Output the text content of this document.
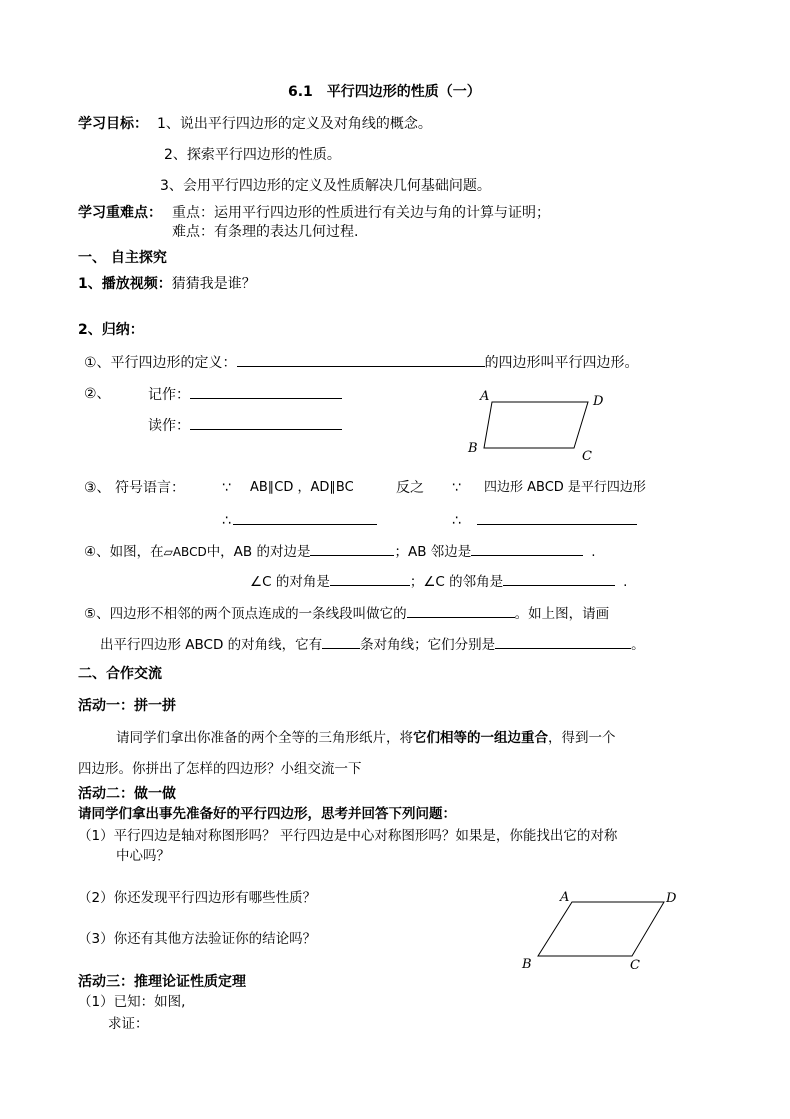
6.1　平行四边形的性质（一）
学习目标： 1、说出平行四边形的定义及对角线的概念。
2、探索平行四边形的性质。
3、会用平行四边形的定义及性质解决几何基础问题。
学习重难点： 重点：运用平行四边形的性质进行有关边与角的计算与证明；
难点：有条理的表达几何过程.
一、 自主探究
1、播放视频：猜猜我是谁？
2、归纳：
①、平行四边形的定义：	的四边形叫平行四边形。
②、	记作：
读作：
A	D
B
C
③、 符号语言：	∵ AB∥CD ，AD∥BC	反之 ∵ 四边形 ABCD 是平行四边形
∴	∴
④、如图，在▱ABCD中，AB 的对边是	；AB 邻边是	.
∠C 的对角是	；∠C 的邻角是	.
⑤、四边形不相邻的两个顶点连成的一条线段叫做它的	。如上图，请画
出平行四边形 ABCD 的对角线，它有	条对角线；它们分别是	。
二、合作交流
活动一：拼一拼
请同学们拿出你准备的两个全等的三角形纸片，将它们相等的一组边重合，得到一个
四边形。你拼出了怎样的四边形？小组交流一下
活动二：做一做
请同学们拿出事先准备好的平行四边形，思考并回答下列问题：
（1）平行四边是轴对称图形吗？ 平行四边是中心对称图形吗？如果是，你能找出它的对称
中心吗？
（2）你还发现平行四边形有哪些性质？
（3）你还有其他方法验证你的结论吗？
A	D
B	C
活动三：推理论证性质定理
（1）已知：如图,
求证：
